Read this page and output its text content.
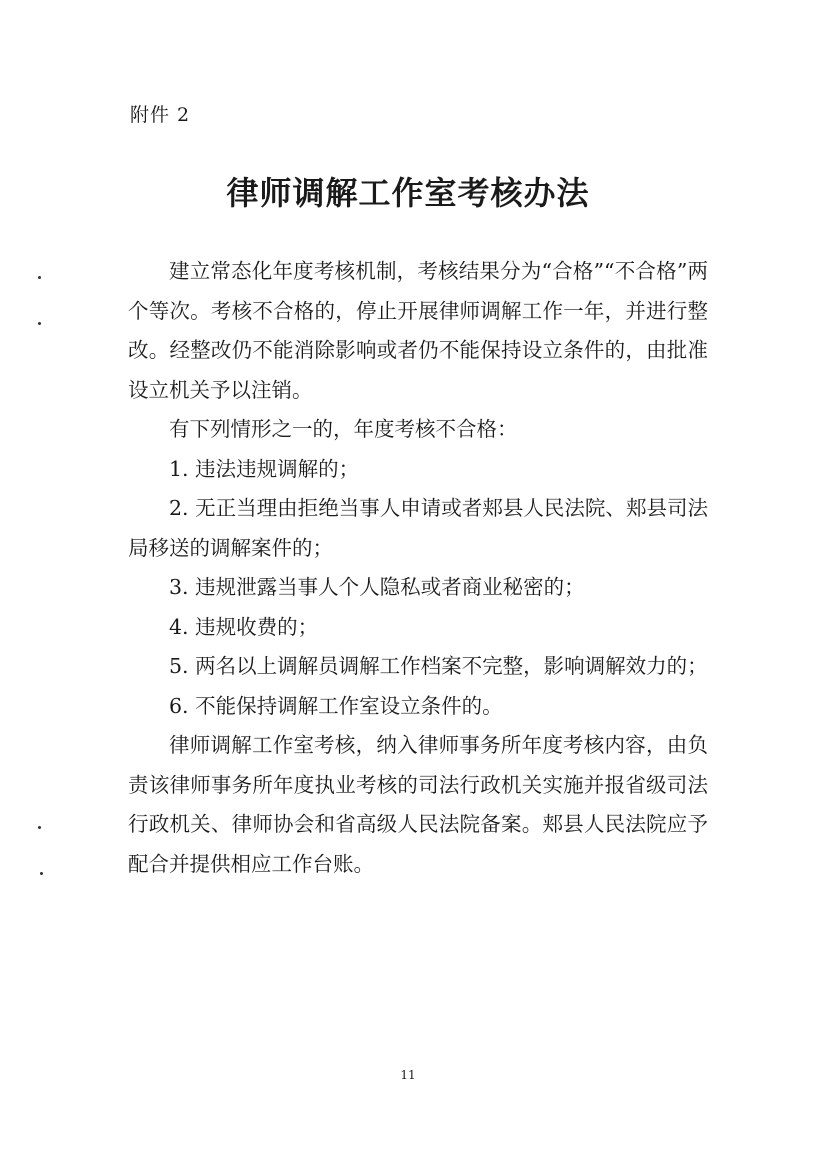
附件 2
律师调解工作室考核办法

建立常态化年度考核机制，考核结果分为“合格”“不合格”两个等次。考核不合格的，停止开展律师调解工作一年，并进行整改。经整改仍不能消除影响或者仍不能保持设立条件的，由批准设立机关予以注销。

有下列情形之一的，年度考核不合格：

1. 违法违规调解的；

2. 无正当理由拒绝当事人申请或者郏县人民法院、郏县司法局移送的调解案件的；

3. 违规泄露当事人个人隐私或者商业秘密的；

4. 违规收费的；

5. 两名以上调解员调解工作档案不完整，影响调解效力的；

6. 不能保持调解工作室设立条件的。

律师调解工作室考核，纳入律师事务所年度考核内容，由负责该律师事务所年度执业考核的司法行政机关实施并报省级司法行政机关、律师协会和省高级人民法院备案。郏县人民法院应予配合并提供相应工作台账。

11
